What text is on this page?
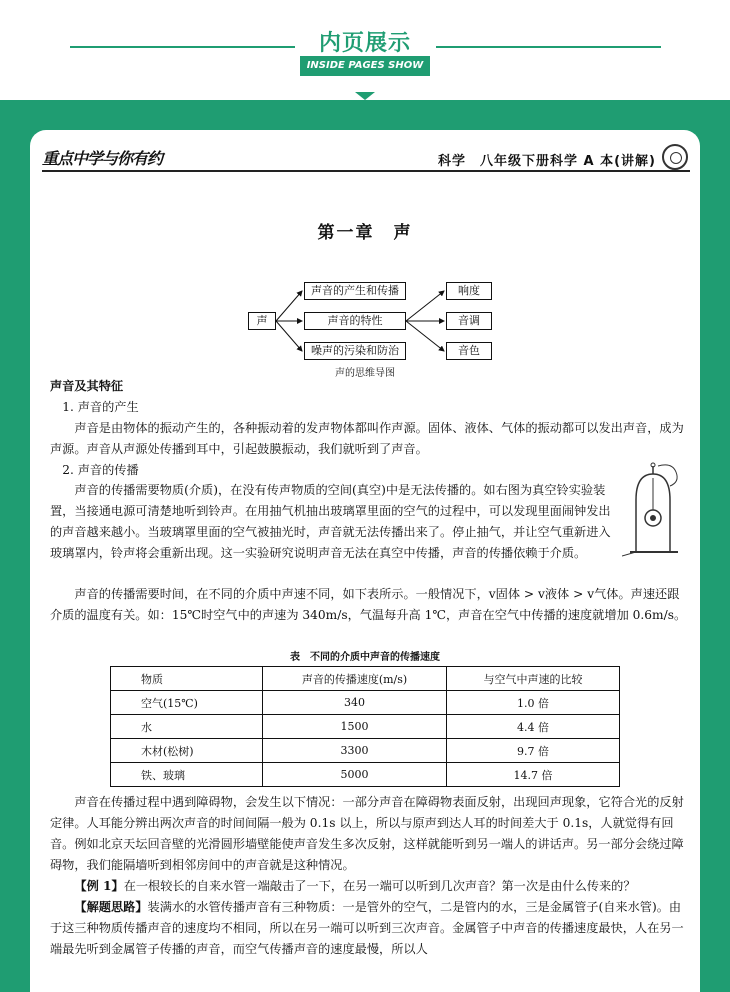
内页展示
INSIDE PAGES SHOW
重点中学与你有约	科学　八年级下册科学 A 本(讲解)
第一章　声
声
声音的产生和传播
声音的特性
噪声的污染和防治
响度
音调
音色
声的思维导图
声音及其特征
1. 声音的产生

声音是由物体的振动产生的，各种振动着的发声物体都叫作声源。固体、液体、气体的振动都可以发出声音，成为声源。声音从声源处传播到耳中，引起鼓膜振动，我们就听到了声音。

2. 声音的传播

声音的传播需要物质(介质)，在没有传声物质的空间(真空)中是无法传播的。如右图为真空铃实验装置，当接通电源可清楚地听到铃声。在用抽气机抽出玻璃罩里面的空气的过程中，可以发现里面闹钟发出的声音越来越小。当玻璃罩里面的空气被抽光时，声音就无法传播出来了。停止抽气，并让空气重新进入玻璃罩内，铃声将会重新出现。这一实验研究说明声音无法在真空中传播，声音的传播依赖于介质。

声音的传播需要时间，在不同的介质中声速不同，如下表所示。一般情况下，v固体 > v液体 > v气体。声速还跟介质的温度有关。如：15℃时空气中的声速为 340m/s，气温每升高 1℃，声音在空气中传播的速度就增加 0.6m/s。

表　不同的介质中声音的传播速度
物质	声音的传播速度(m/s)	与空气中声速的比较
空气(15℃)	340	1.0 倍
水	1500	4.4 倍
木材(松树)	3300	9.7 倍
铁、玻璃	5000	14.7 倍

声音在传播过程中遇到障碍物，会发生以下情况：一部分声音在障碍物表面反射，出现回声现象，它符合光的反射定律。人耳能分辨出两次声音的时间间隔一般为 0.1s 以上，所以与原声到达人耳的时间差大于 0.1s，人就觉得有回音。例如北京天坛回音壁的光滑圆形墙壁能使声音发生多次反射，这样就能听到另一端人的讲话声。另一部分会绕过障碍物，我们能隔墙听到相邻房间中的声音就是这种情况。

【例 1】在一根较长的自来水管一端敲击了一下，在另一端可以听到几次声音？第一次是由什么传来的？

【解题思路】装满水的水管传播声音有三种物质：一是管外的空气，二是管内的水，三是金属管子(自来水管)。由于这三种物质传播声音的速度均不相同，所以在另一端可以听到三次声音。金属管子中声音的传播速度最快，人在另一端最先听到金属管子传播的声音，而空气传播声音的速度最慢，所以人
